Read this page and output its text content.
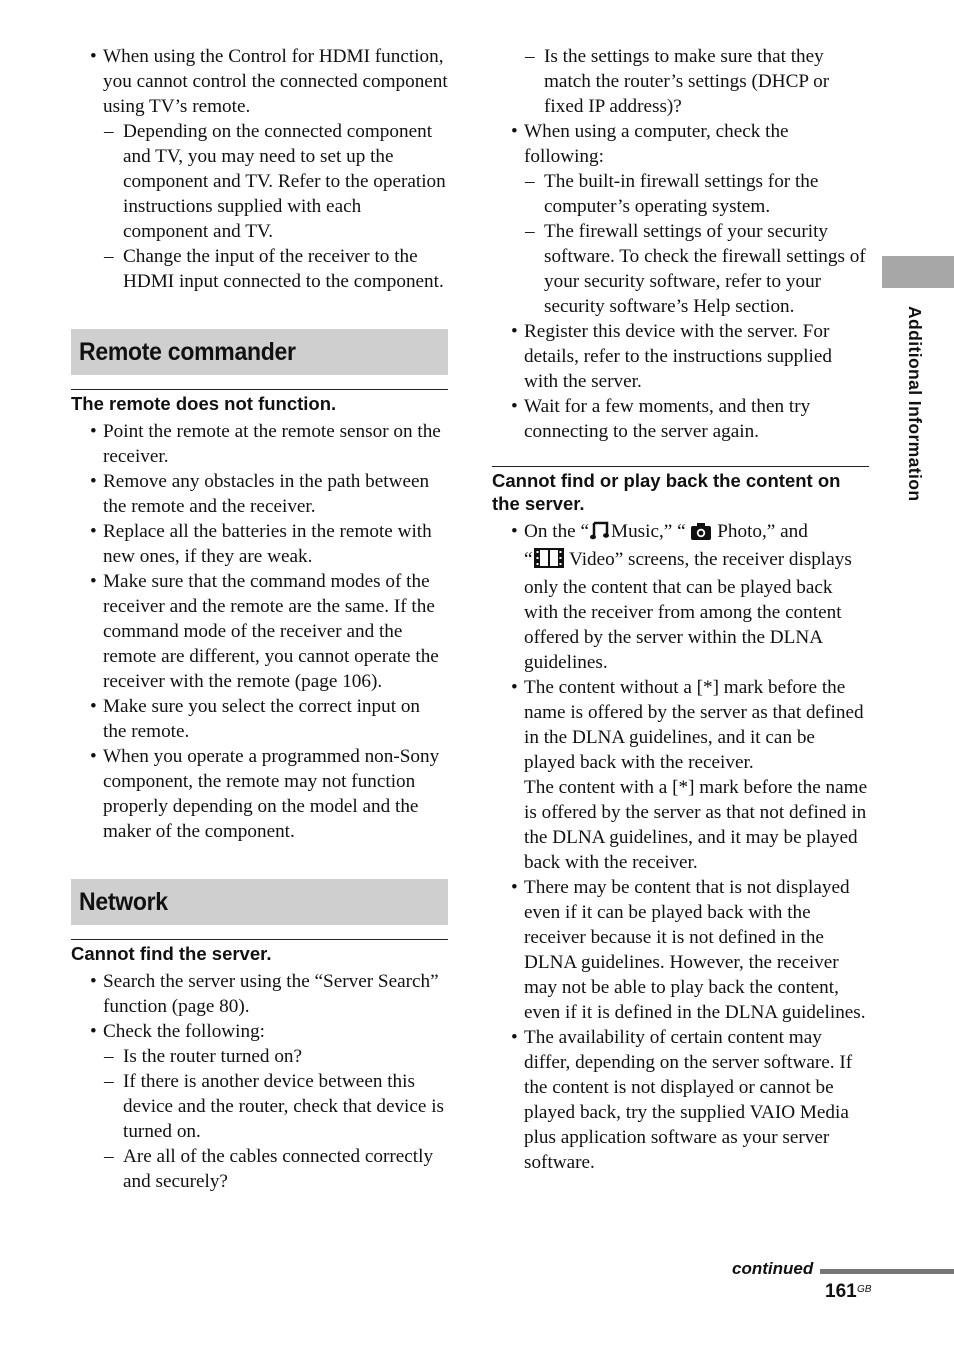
• When using the Control for HDMI function, you cannot control the connected component using TV’s remote.
– Depending on the connected component and TV, you may need to set up the component and TV. Refer to the operation instructions supplied with each component and TV.
– Change the input of the receiver to the HDMI input connected to the component.
Remote commander
The remote does not function.
• Point the remote at the remote sensor on the receiver.
• Remove any obstacles in the path between the remote and the receiver.
• Replace all the batteries in the remote with new ones, if they are weak.
• Make sure that the command modes of the receiver and the remote are the same. If the command mode of the receiver and the remote are different, you cannot operate the receiver with the remote (page 106).
• Make sure you select the correct input on the remote.
• When you operate a programmed non-Sony component, the remote may not function properly depending on the model and the maker of the component.
Network
Cannot find the server.
• Search the server using the “Server Search” function (page 80).
• Check the following:
– Is the router turned on?
– If there is another device between this device and the router, check that device is turned on.
– Are all of the cables connected correctly and securely?
– Is the settings to make sure that they match the router’s settings (DHCP or fixed IP address)?
• When using a computer, check the following:
– The built-in firewall settings for the computer’s operating system.
– The firewall settings of your security software. To check the firewall settings of your security software, refer to your security software’s Help section.
• Register this device with the server. For details, refer to the instructions supplied with the server.
• Wait for a few moments, and then try connecting to the server again.
Cannot find or play back the content on the server.
• On the “ Music,” “ Photo,” and
“ Video” screens, the receiver displays only the content that can be played back with the receiver from among the content offered by the server within the DLNA guidelines.
• The content without a [*] mark before the name is offered by the server as that defined in the DLNA guidelines, and it can be played back with the receiver.
The content with a [*] mark before the name is offered by the server as that not defined in the DLNA guidelines, and it may be played back with the receiver.
• There may be content that is not displayed even if it can be played back with the receiver because it is not defined in the DLNA guidelines. However, the receiver may not be able to play back the content, even if it is defined in the DLNA guidelines.
• The availability of certain content may differ, depending on the server software. If the content is not displayed or cannot be played back, try the supplied VAIO Media plus application software as your server software.
Additional Information
continued
161 GB
